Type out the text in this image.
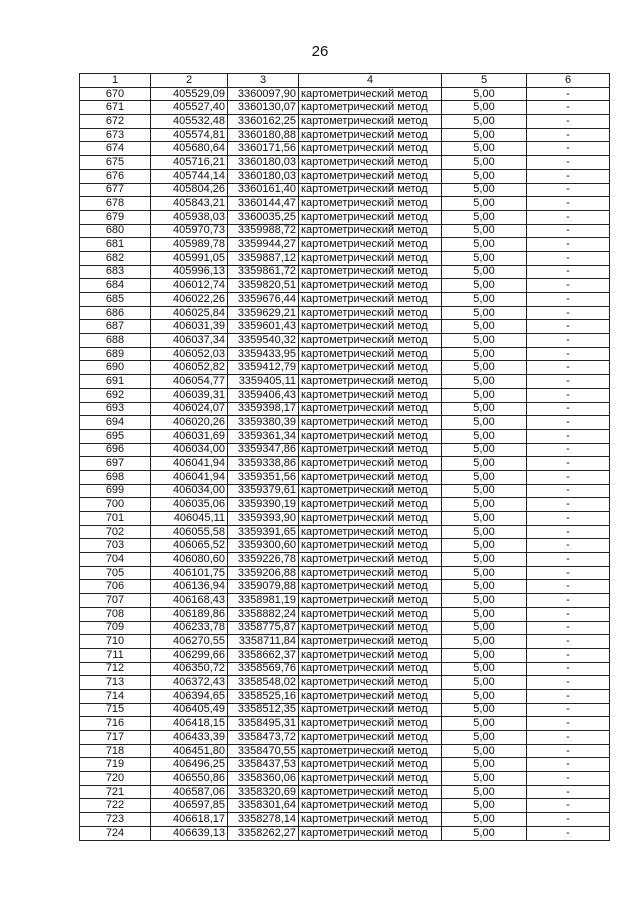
26
1	2	3	4	5	6
670	405529,09	3360097,90	картометрический метод	5,00	-
671	405527,40	3360130,07	картометрический метод	5,00	-
672	405532,48	3360162,25	картометрический метод	5,00	-
673	405574,81	3360180,88	картометрический метод	5,00	-
674	405680,64	3360171,56	картометрический метод	5,00	-
675	405716,21	3360180,03	картометрический метод	5,00	-
676	405744,14	3360180,03	картометрический метод	5,00	-
677	405804,26	3360161,40	картометрический метод	5,00	-
678	405843,21	3360144,47	картометрический метод	5,00	-
679	405938,03	3360035,25	картометрический метод	5,00	-
680	405970,73	3359988,72	картометрический метод	5,00	-
681	405989,78	3359944,27	картометрический метод	5,00	-
682	405991,05	3359887,12	картометрический метод	5,00	-
683	405996,13	3359861,72	картометрический метод	5,00	-
684	406012,74	3359820,51	картометрический метод	5,00	-
685	406022,26	3359676,44	картометрический метод	5,00	-
686	406025,84	3359629,21	картометрический метод	5,00	-
687	406031,39	3359601,43	картометрический метод	5,00	-
688	406037,34	3359540,32	картометрический метод	5,00	-
689	406052,03	3359433,95	картометрический метод	5,00	-
690	406052,82	3359412,79	картометрический метод	5,00	-
691	406054,77	3359405,11	картометрический метод	5,00	-
692	406039,31	3359406,43	картометрический метод	5,00	-
693	406024,07	3359398,17	картометрический метод	5,00	-
694	406020,26	3359380,39	картометрический метод	5,00	-
695	406031,69	3359361,34	картометрический метод	5,00	-
696	406034,00	3359347,86	картометрический метод	5,00	-
697	406041,94	3359338,86	картометрический метод	5,00	-
698	406041,94	3359351,56	картометрический метод	5,00	-
699	406034,00	3359379,61	картометрический метод	5,00	-
700	406035,06	3359390,19	картометрический метод	5,00	-
701	406045,11	3359393,90	картометрический метод	5,00	-
702	406055,58	3359391,65	картометрический метод	5,00	-
703	406065,52	3359300,60	картометрический метод	5,00	-
704	406080,60	3359226,78	картометрический метод	5,00	-
705	406101,75	3359206,88	картометрический метод	5,00	-
706	406136,94	3359079,88	картометрический метод	5,00	-
707	406168,43	3358981,19	картометрический метод	5,00	-
708	406189,86	3358882,24	картометрический метод	5,00	-
709	406233,78	3358775,87	картометрический метод	5,00	-
710	406270,55	3358711,84	картометрический метод	5,00	-
711	406299,66	3358662,37	картометрический метод	5,00	-
712	406350,72	3358569,76	картометрический метод	5,00	-
713	406372,43	3358548,02	картометрический метод	5,00	-
714	406394,65	3358525,16	картометрический метод	5,00	-
715	406405,49	3358512,35	картометрический метод	5,00	-
716	406418,15	3358495,31	картометрический метод	5,00	-
717	406433,39	3358473,72	картометрический метод	5,00	-
718	406451,80	3358470,55	картометрический метод	5,00	-
719	406496,25	3358437,53	картометрический метод	5,00	-
720	406550,86	3358360,06	картометрический метод	5,00	-
721	406587,06	3358320,69	картометрический метод	5,00	-
722	406597,85	3358301,64	картометрический метод	5,00	-
723	406618,17	3358278,14	картометрический метод	5,00	-
724	406639,13	3358262,27	картометрический метод	5,00	-
